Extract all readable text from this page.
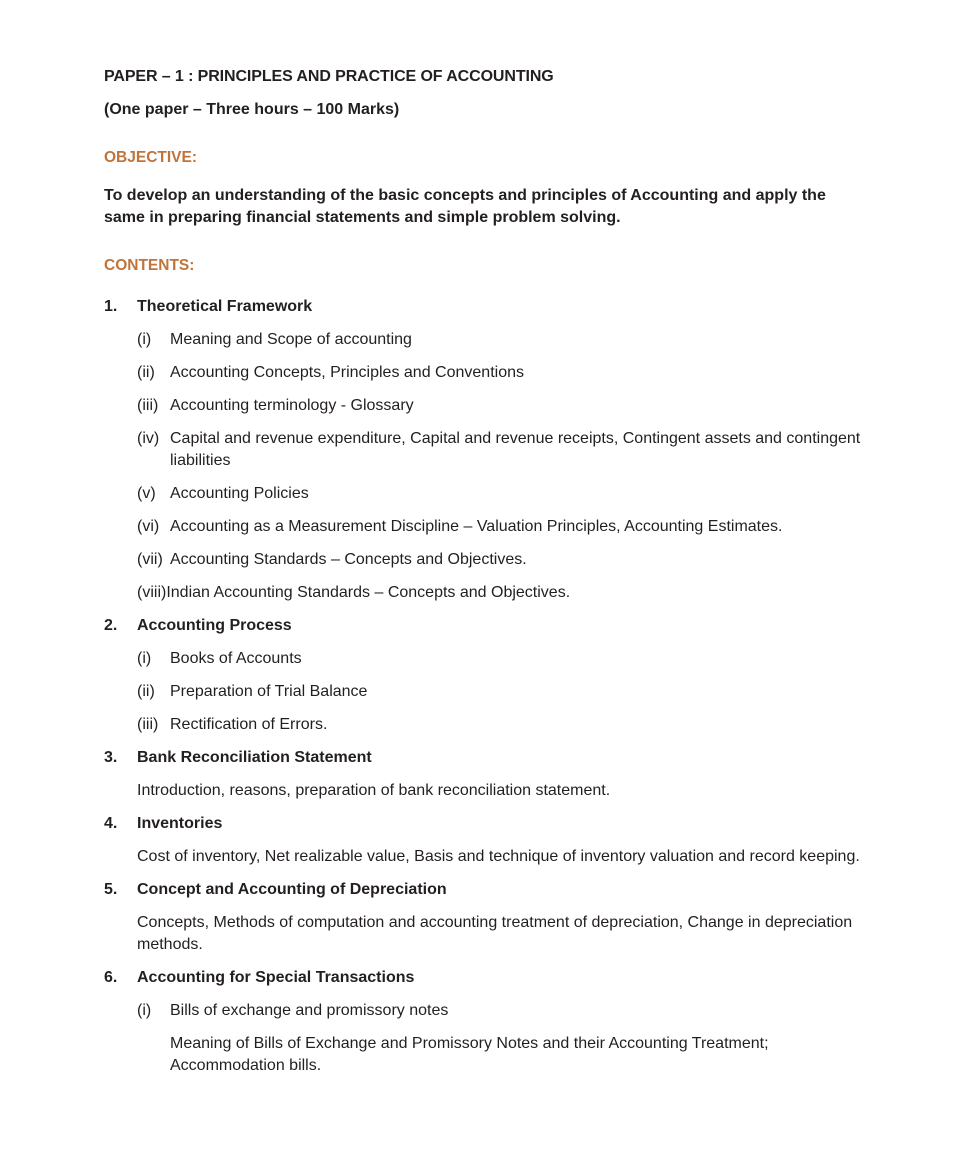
PAPER – 1 : PRINCIPLES AND PRACTICE OF ACCOUNTING

(One paper – Three hours – 100 Marks)

OBJECTIVE:

To develop an understanding of the basic concepts and principles of Accounting and apply the same in preparing financial statements and simple problem solving.

CONTENTS:

1.	Theoretical Framework
(i)	Meaning and Scope of accounting
(ii) Accounting Concepts, Principles and Conventions
(iii) Accounting terminology - Glossary
(iv) Capital and revenue expenditure, Capital and revenue receipts, Contingent assets and contingent liabilities
(v) Accounting Policies
(vi) Accounting as a Measurement Discipline – Valuation Principles, Accounting Estimates.
(vii) Accounting Standards – Concepts and Objectives.
(viii) Indian Accounting Standards – Concepts and Objectives.
2.	Accounting Process
(i)	Books of Accounts
(ii) Preparation of Trial Balance
(iii) Rectification of Errors.
3.	Bank Reconciliation Statement

Introduction, reasons, preparation of bank reconciliation statement.

4.	Inventories

Cost of inventory, Net realizable value, Basis and technique of inventory valuation and record keeping.

5.	Concept and Accounting of Depreciation

Concepts, Methods of computation and accounting treatment of depreciation, Change in depreciation methods.

6.	Accounting for Special Transactions
(i)	Bills of exchange and promissory notes

Meaning of Bills of Exchange and Promissory Notes and their Accounting Treatment; Accommodation bills.
